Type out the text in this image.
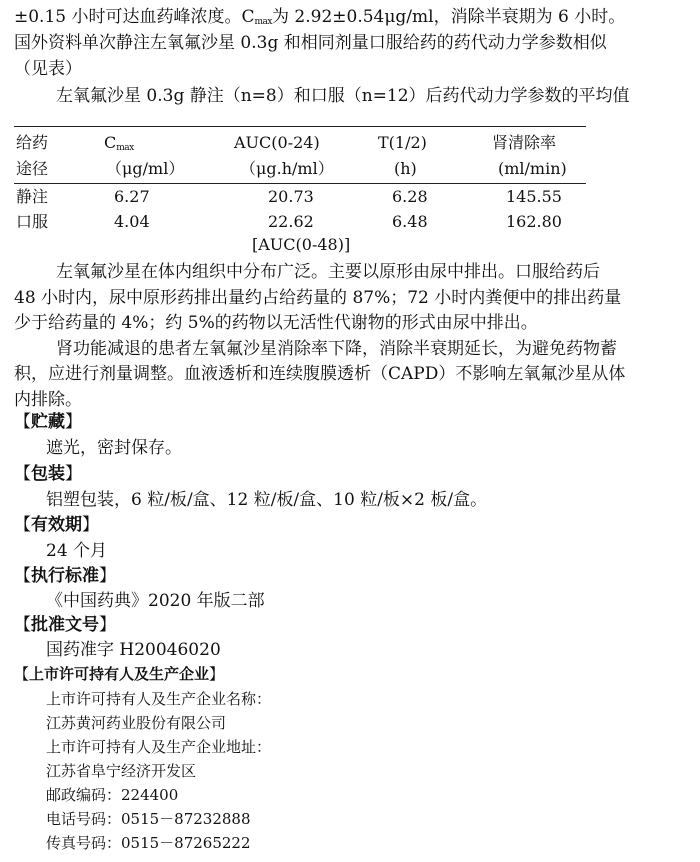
±0.15 小时可达血药峰浓度。$C_{max}$为 2.92±0.54μg/ml，消除半衰期为 6 小时。
国外资料单次静注左氧氟沙星 0.3g 和相同剂量口服给药的药代动力学参数相似
（见表）
左氧氟沙星 0.3g 静注（n=8）和口服（n=12）后药代动力学参数的平均值
给药	$C_{max}$	AUC(0-24)	T(1/2)	肾清除率
途径	（μg/ml）	（μg.h/ml）	(h)	(ml/min)
静注	6.27	20.73	6.28	145.55
口服	4.04	22.62	6.48	162.80
[AUC(0-48)]
左氧氟沙星在体内组织中分布广泛。主要以原形由尿中排出。口服给药后
48 小时内，尿中原形药排出量约占给药量的 87%；72 小时内粪便中的排出药量
少于给药量的 4%；约 5%的药物以无活性代谢物的形式由尿中排出。
肾功能减退的患者左氧氟沙星消除率下降，消除半衰期延长，为避免药物蓄
积，应进行剂量调整。血液透析和连续腹膜透析（CAPD）不影响左氧氟沙星从体
内排除。
【贮藏】
遮光，密封保存。
【包装】
铝塑包装，6 粒/板/盒、12 粒/板/盒、10 粒/板×2 板/盒。
【有效期】
24 个月
【执行标准】
《中国药典》2020 年版二部
【批准文号】
国药准字 H20046020
【上市许可持有人及生产企业】
上市许可持有人及生产企业名称：
江苏黄河药业股份有限公司
上市许可持有人及生产企业地址：
江苏省阜宁经济开发区
邮政编码：224400
电话号码：0515－87232888
传真号码：0515－87265222
